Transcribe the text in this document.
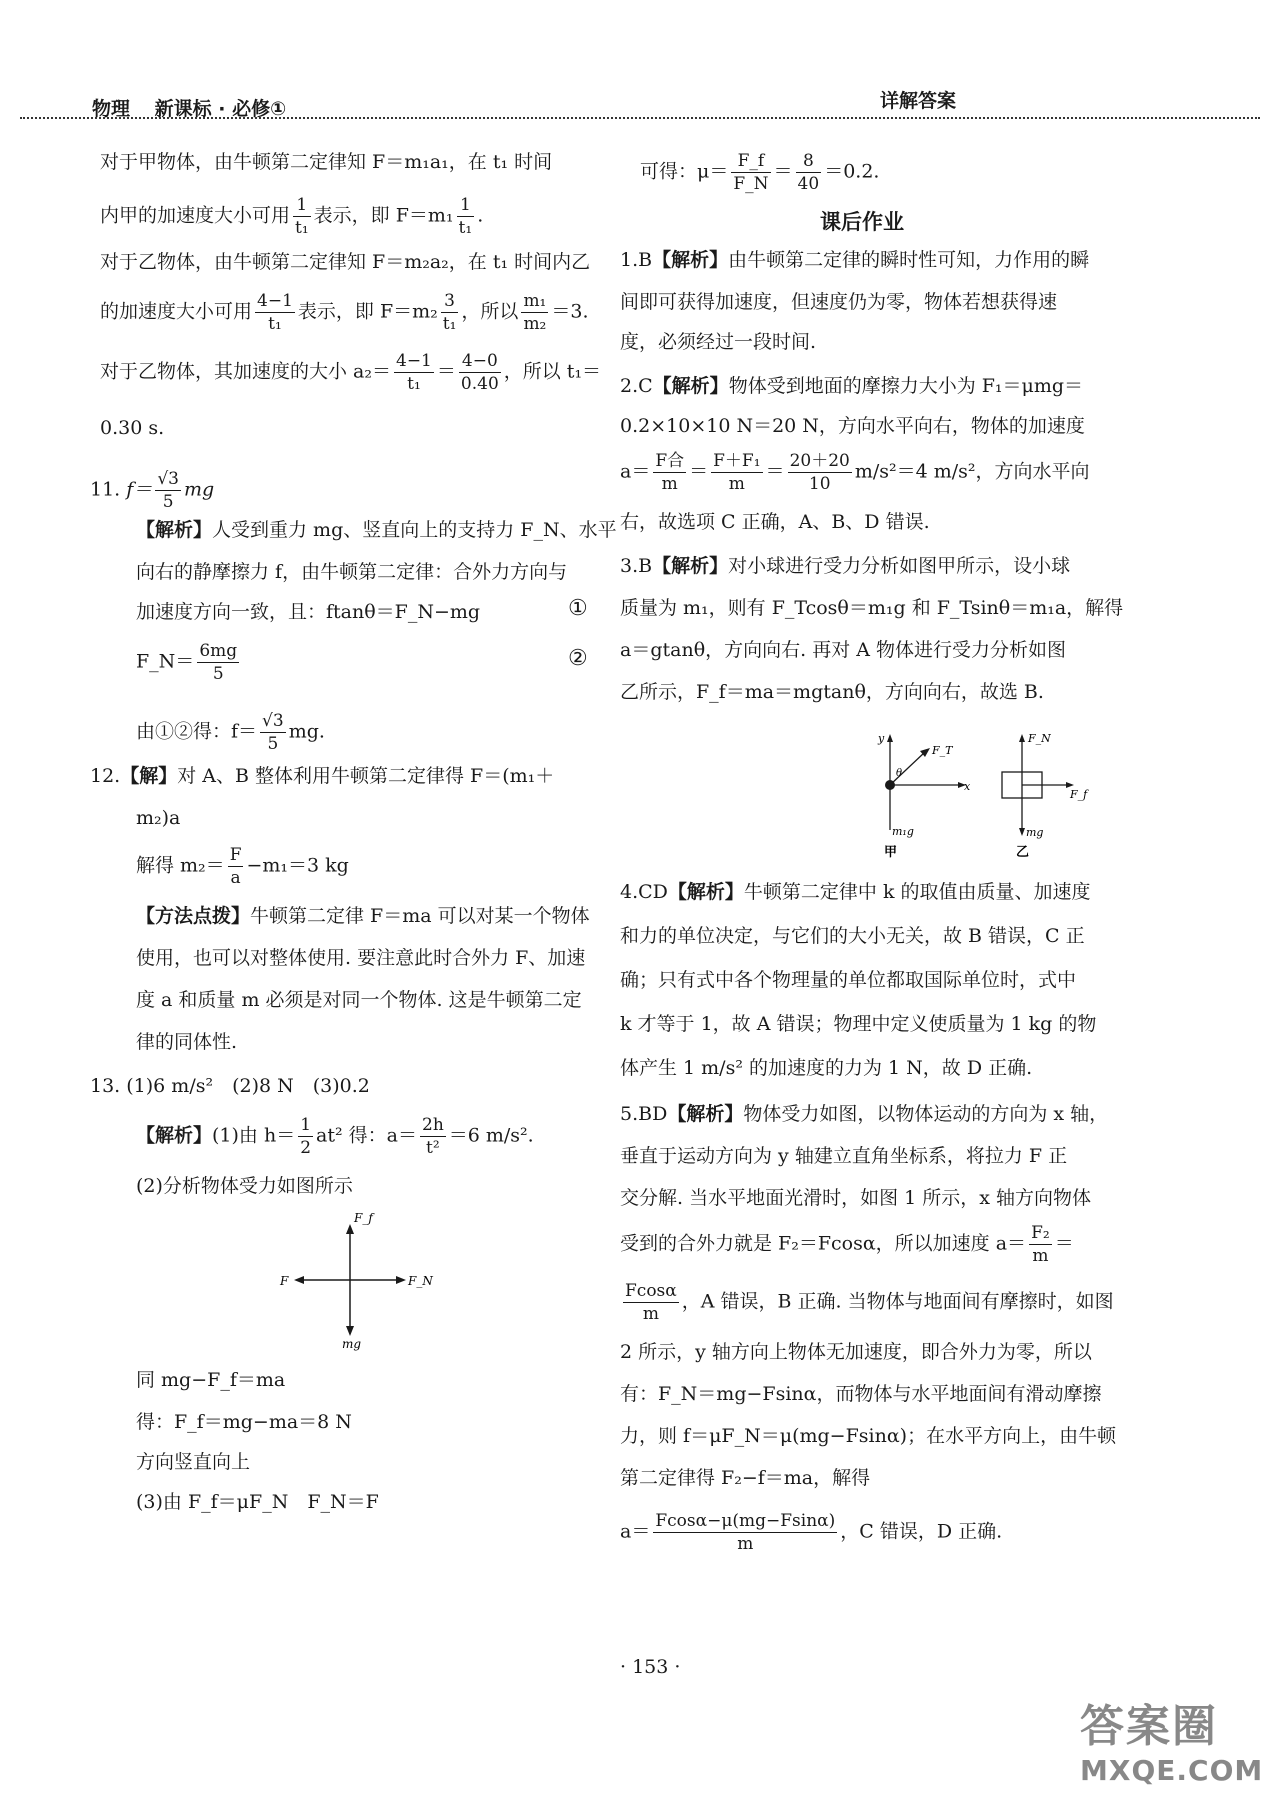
物理 新课标 · 必修①	详解答案
对于甲物体，由牛顿第二定律知 F＝m₁a₁，在 t₁ 时间
内甲的加速度大小可用 $\frac{1}{\text{t₁}}$ 表示，即 $F=m_1 \frac{1}{\text{t₁}}$ .
对于乙物体，由牛顿第二定律知 F＝m₂a₂，在 t₁ 时间内乙
的加速度大小可用 $\frac{4-1}{\text{t₁}}$ 表示，即 $F=m_2 \frac{3}{\text{t₁}}$ ，所以 $\frac{\text{m₁}}{\text{m₂}} =3$.
对于乙物体，其加速度的大小 $a_2= \frac{4-1}{\text{t₁}} = \frac{4-0}{0.40}$ ，所以 t₁＝
0.30 s.
11. $f= \frac{√3}{5}$ mg
【解析】人受到重力 mg、竖直向上的支持力 F_N、水平
向右的静摩擦力 f，由牛顿第二定律：合外力方向与
加速度方向一致，且：ftanθ＝F_N−mg	①
F_N＝ $\frac{6mg}{5}$	②
由①②得：$f= \frac{√3}{5}$ mg.
12.【解】对 A、B 整体利用牛顿第二定律得 F＝(m₁＋
m₂)a
解得 $m_2= \frac{F}{a} -m_1=3$ kg
【方法点拨】牛顿第二定律 F＝ma 可以对某一个物体
使用，也可以对整体使用. 要注意此时合外力 F、加速
度 a 和质量 m 必须是对同一个物体. 这是牛顿第二定
律的同体性.
13. (1)6 m/s²　(2)8 N　(3)0.2
【解析】(1)由 $h= \frac{1}{2} at^2$ 得：$a= \frac{2h}{\text{t²}} =6$ m/s².
(2)分析物体受力如图所示
F_f
F	F_N
mg
同 mg−F_f＝ma
得：F_f＝mg−ma＝8 N
方向竖直向上
(3)由 F_f＝μF_N　F_N＝F
可得：$\mu= \frac{F\_f}{F\_N} = \frac{8}{40} =0.2$.
课后作业
1.B【解析】由牛顿第二定律的瞬时性可知，力作用的瞬
间即可获得加速度，但速度仍为零，物体若想获得速
度，必须经过一段时间.
2.C【解析】物体受到地面的摩擦力大小为 F₁＝μmg＝
0.2×10×10 N＝20 N，方向水平向右，物体的加速度
$a= \frac{\text{F合}}{m} = \frac{\text{F＋F₁}}{m} = \frac{20+20}{10} m/s^2=4$ m/s²，方向水平向
右，故选项 C 正确，A、B、D 错误.
3.B【解析】对小球进行受力分析如图甲所示，设小球
质量为 m₁，则有 F_Tcosθ＝m₁g 和 F_Tsinθ＝m₁a，解得
a＝gtanθ，方向向右. 再对 A 物体进行受力分析如图
乙所示，F_f＝ma＝mgtanθ，方向向右，故选 B.
y
F_T
θ
x
m₁g
甲
F_N
F_f
mg
乙
4.CD【解析】牛顿第二定律中 k 的取值由质量、加速度
和力的单位决定，与它们的大小无关，故 B 错误，C 正
确；只有式中各个物理量的单位都取国际单位时，式中
k 才等于 1，故 A 错误；物理中定义使质量为 1 kg 的物
体产生 1 m/s² 的加速度的力为 1 N，故 D 正确.
5.BD【解析】物体受力如图，以物体运动的方向为 x 轴，
垂直于运动方向为 y 轴建立直角坐标系，将拉力 F 正
交分解. 当水平地面光滑时，如图 1 所示，x 轴方向物体
受到的合外力就是 F₂＝Fcosα，所以加速度 $a= \frac{\text{F₂}}{m}$ ＝
$\frac{Fcos\alpha}{m}$ ，A 错误，B 正确. 当物体与地面间有摩擦时，如图
2 所示，y 轴方向上物体无加速度，即合外力为零，所以
有：F_N＝mg−Fsinα，而物体与水平地面间有滑动摩擦
力，则 f＝μF_N＝μ(mg−Fsinα)；在水平方向上，由牛顿
第二定律得 F₂−f＝ma，解得
$a= \frac{Fcos\alpha-\mu(mg-Fsin\alpha)}{m}$ ，C 错误，D 正确.
· 153 ·
答案圈
MXQE.COM
